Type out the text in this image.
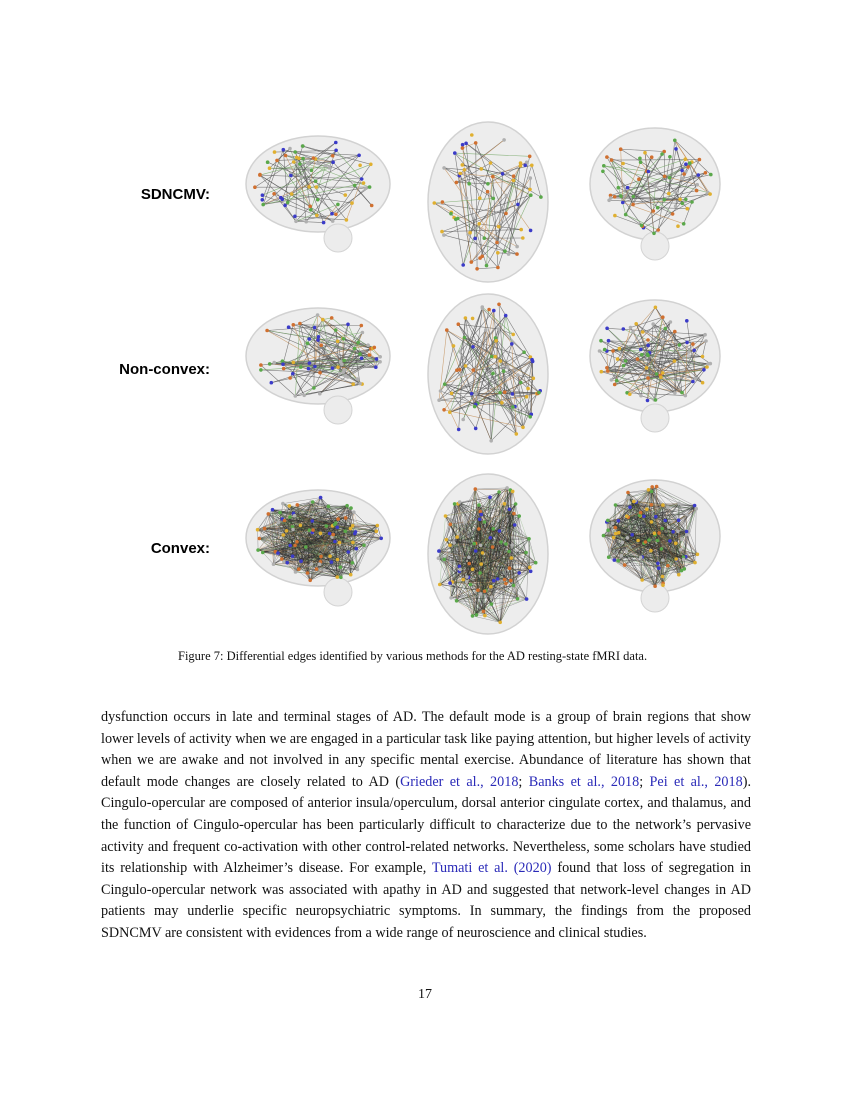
SDNCMV:
Non-convex:
Convex:
Figure 7: Differential edges identified by various methods for the AD resting-state fMRI data.
dysfunction occurs in late and terminal stages of AD. The default mode is a group of brain regions that show lower levels of activity when we are engaged in a particular task like paying attention, but higher levels of activity when we are awake and not involved in any specific mental exercise. Abundance of literature has shown that default mode changes are closely related to AD (Grieder et al., 2018; Banks et al., 2018; Pei et al., 2018). Cingulo-opercular are composed of anterior insula/operculum, dorsal anterior cingulate cortex, and thalamus, and the function of Cingulo-opercular has been particularly difficult to characterize due to the network’s pervasive activity and frequent co-activation with other control-related networks. Nevertheless, some scholars have studied its relationship with Alzheimer’s disease. For example, Tumati et al. (2020) found that loss of segregation in Cingulo-opercular network was associated with apathy in AD and suggested that network-level changes in AD patients may underlie specific neuropsychiatric symptoms. In summary, the findings from the proposed SDNCMV are consistent with evidences from a wide range of neuroscience and clinical studies.
17
